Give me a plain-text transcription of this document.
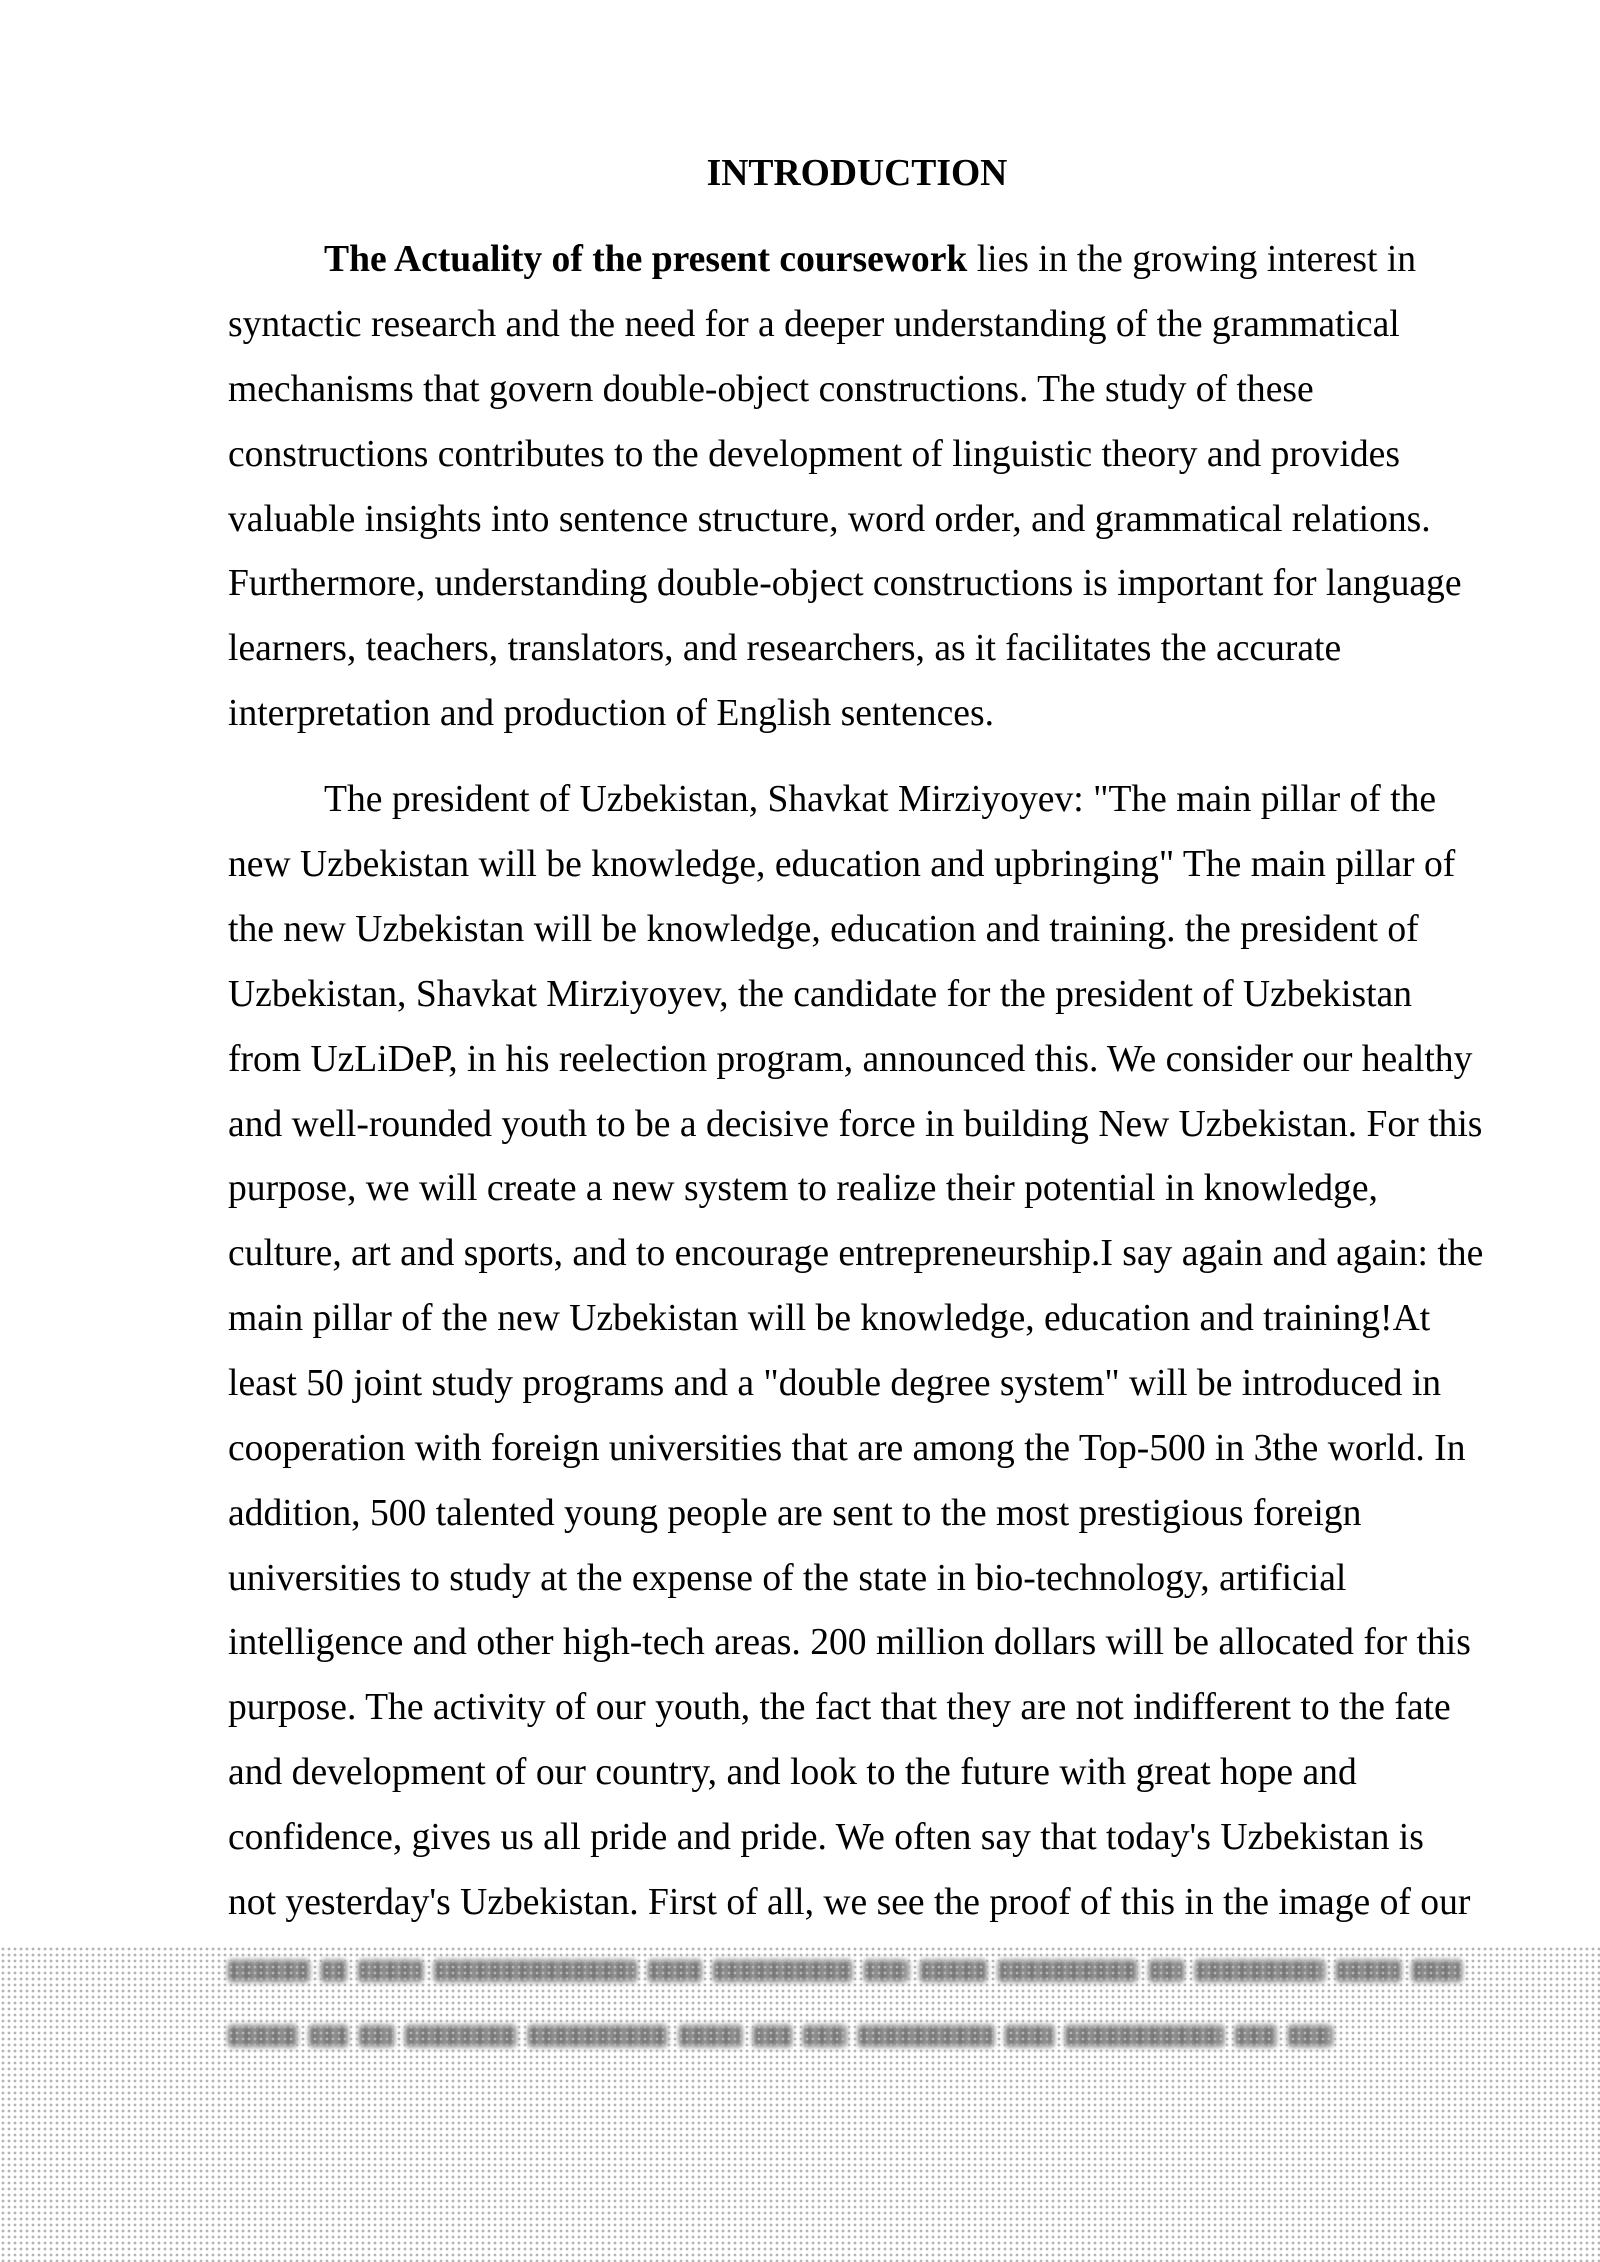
INTRODUCTION
The Actuality of the present coursework lies in the growing interest in
syntactic research and the need for a deeper understanding of the grammatical
mechanisms that govern double-object constructions. The study of these
constructions contributes to the development of linguistic theory and provides
valuable insights into sentence structure, word order, and grammatical relations.
Furthermore, understanding double-object constructions is important for language
learners, teachers, translators, and researchers, as it facilitates the accurate
interpretation and production of English sentences.
The president of Uzbekistan, Shavkat Mirziyoyev: "The main pillar of the
new Uzbekistan will be knowledge, education and upbringing" The main pillar of
the new Uzbekistan will be knowledge, education and training. the president of
Uzbekistan, Shavkat Mirziyoyev, the candidate for the president of Uzbekistan
from UzLiDeP, in his reelection program, announced this. We consider our healthy
and well-rounded youth to be a decisive force in building New Uzbekistan. For this
purpose, we will create a new system to realize their potential in knowledge,
culture, art and sports, and to encourage entrepreneurship.I say again and again: the
main pillar of the new Uzbekistan will be knowledge, education and training!At
least 50 joint study programs and a "double degree system" will be introduced in
cooperation with foreign universities that are among the Top-500 in 3the world. In
addition, 500 talented young people are sent to the most prestigious foreign
universities to study at the expense of the state in bio-technology, artificial
intelligence and other high-tech areas. 200 million dollars will be allocated for this
purpose. The activity of our youth, the fact that they are not indifferent to the fate
and development of our country, and look to the future with great hope and
confidence, gives us all pride and pride. We often say that today's Uzbekistan is
not yesterday's Uzbekistan. First of all, we see the proof of this in the image of our
